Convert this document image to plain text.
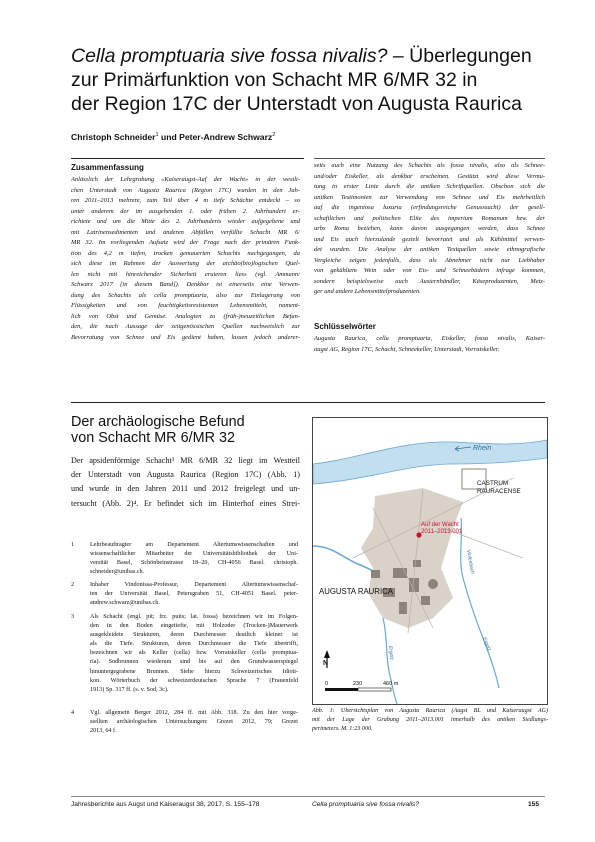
Cella promptuaria sive fossa nivalis? – Überlegungen
zur Primärfunktion von Schacht MR 6/MR 32 in
der Region 17C der Unterstadt von Augusta Raurica
Christoph Schneider$^1$ und Peter-Andrew Schwarz$^2$
Zusammenfassung
Anlässlich der Lehrgrabung «Kaiseraugst-Auf der Wacht» in der westli-
chen Unterstadt von Augusta Raurica (Region 17C) wurden in den Jah-
ren 2011–2013 mehrere, zum Teil über 4 m tiefe Schächte entdeckt – so
unter anderem der im ausgehenden 1. oder frühen 2. Jahrhundert er-
richtete und um die Mitte des 2. Jahrhunderts wieder aufgegebene und
mit Latrinensedimenten und anderen Abfällen verfüllte Schacht MR 6/
MR 32. Im vorliegenden Aufsatz wird der Frage nach der primären Funk-
tion des 4,2 m tiefen, trocken gemauerten Schachts nachgegangen, da
sich diese im Rahmen der Auswertung der archäo(bio)logischen Quel-
len nicht mit hinreichender Sicherheit eruieren liess (vgl. Ammann/
Schwarz 2017 [in diesem Band]). Denkbar ist einerseits eine Verwen-
dung des Schachts als cella promptuaria, also zur Einlagerung von
Flüssigkeiten und von feuchtigkeitsresistenten Lebensmitteln, nament-
lich von Obst und Gemüse. Analogien zu (früh-)neuzeitlichen Befun-
den, die nach Aussage der zeitgenössischen Quellen nachweislich zur
Bevorratung von Schnee und Eis gedient haben, lassen jedoch anderer-
seits auch eine Nutzung des Schachts als fossa nivalis, also als Schnee-
und/oder Eiskeller, als denkbar erscheinen. Gestützt wird diese Vermu-
tung in erster Linie durch die antiken Schriftquellen. Obschon sich die
antiken Testimonien zur Verwendung von Schnee und Eis mehrheitlich
auf die ingeniosa luxuria (erfindungsreiche Genusssucht) der gesell-
schaftlichen und politischen Elite des imperium Romanum bzw. der
urbs Roma beziehen, kann davon ausgegangen werden, dass Schnee
und Eis auch hierzulande gezielt bevorratet und als Kühlmittel verwen-
det wurden. Die Analyse der antiken Textquellen sowie ethnografische
Vergleiche zeigen jedenfalls, dass als Abnehmer nicht nur Liebhaber
von gekühltem Wein oder von Eis- und Schneebädern infrage kommen,
sondern beispielsweise auch Austernhändler, Käseproduzenten, Metz-
ger und andere Lebensmittelproduzenten.
Schlüsselwörter
Augusta Raurica, cella promptuaria, Eiskeller, fossa nivalis, Kaiser-
augst AG, Region 17C, Schacht, Schneekeller, Unterstadt, Vorratskeller.
Der archäologische Befund
von Schacht MR 6/MR 32
Der apsidenförmige Schacht³ MR 6/MR 32 liegt im Westteil
der Unterstadt von Augusta Raurica (Region 17C) (Abb. 1)
und wurde in den Jahren 2011 und 2012 freigelegt und un-
tersucht (Abb. 2)⁴. Er befindet sich im Hinterhof eines Strei-
1	Lehrbeauftragter am Departement Altertumswissenschaften und
wissenschaftlicher Mitarbeiter der Universitätsbibliothek der Uni-
versität Basel, Schönbeinstrasse 18–20, CH-4056 Basel. christoph.
schneider@unibas.ch.
2	Inhaber Vindonissa-Professur, Departement Altertumswissenschaf-
ten der Universität Basel, Petersgraben 51, CH-4051 Basel. peter-
andrew.schwarz@unibas.ch.
3	Als Schacht (engl. pit; frz. puits; lat. fossa) bezeichnen wir im Folgen-
den in den Boden eingetiefte, mit Holzoder (Trocken-)Mauerwerk
ausgekleidete Strukturen, deren Durchmesser deutlich kleiner ist
als die Tiefe. Strukturen, deren Durchmesser die Tiefe übertrifft,
bezeichnen wir als Keller (cella) bzw. Vorratskeller (cella promptua-
ria). Sodbrunnen wiederum sind bis auf den Grundwasserspiegel
hinuntergegrabene Brunnen. Siehe hierzu Schweizerisches Idioti-
kon. Wörterbuch der schweizerdeutschen Sprache 7 (Frauenfeld
1913) Sp. 317 ff. (s. v. Sod, 3c).
4	Vgl. allgemein Berger 2012, 284 ff. mit Abb. 318. Zu den hier vorge-
stellten archäologischen Untersuchungen: Grezet 2012, 79; Grezet
2013, 64 f.
Rhein
CASTRUM
RAURACENSE
Auf der Wacht
2011–2013.001
AUGUSTA RAURICA
Violenbach
Ergolz
Ergolz
N
0	230	460 m
Abb. 1: Übersichtsplan von Augusta Raurica (Augst BL und Kaiseraugst AG)
mit der Lage der Grabung 2011–2013.001 innerhalb des antiken Siedlungs-
perimeters. M. 1:23 000.
Jahresberichte aus Augst und Kaiseraugst 38, 2017, S. 155–178	Cella promptuaria sive fossa nivalis?	155
